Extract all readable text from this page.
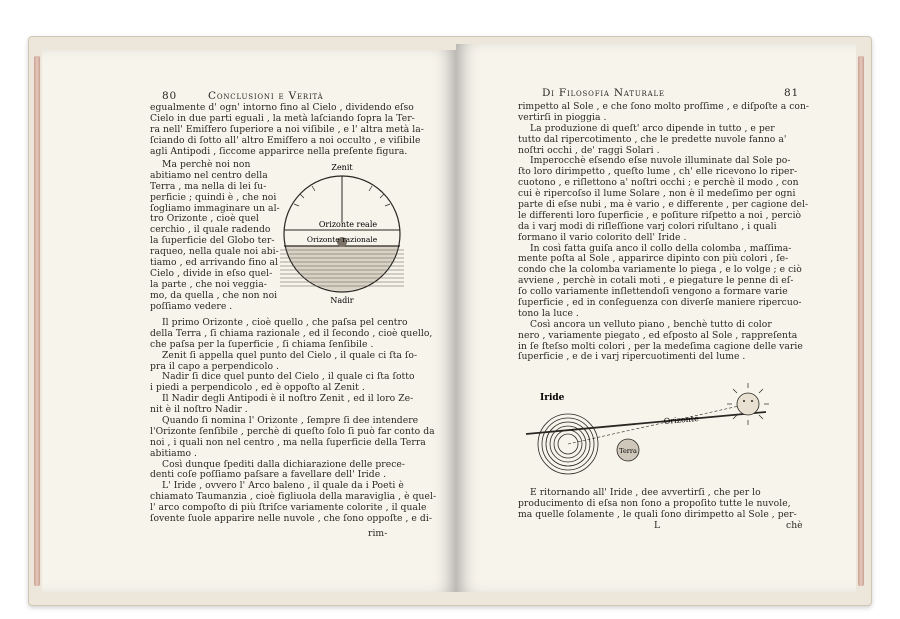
80	Conclusioni e Verità
egualmente d' ogn' intorno fino al Cielo , dividendo eſso
Cielo in due parti eguali , la metà laſciando ſopra la Ter-
ra nell' Emiſfero ſuperiore a noi viſibile , e l' altra metà la-
ſciando di ſotto all' altro Emiſfero a noi occulto , e viſibile
agli Antipodi , ſiccome apparirce nella preſente figura.
Ma perchè noi non
abitiamo nel centro della
Terra , ma nella di lei ſu-
perficie ; quindi è , che noi
ſogliamo immaginare un al-
tro Orizonte , cioè quel
cerchio , il quale radendo
la ſuperficie del Globo ter-
raqueo, nella quale noi abi-
tiamo , ed arrivando fino al
Cielo , divide in eſso quel-
la parte , che noi veggia-
mo, da quella , che non noi
poſſiamo vedere .
Zenit
Orizonte reale
Orizonte razionale
Nadir
Il primo Orizonte , cioè quello , che paſsa pel centro
della Terra , ſi chiama razionale , ed il ſecondo , cioè quello,
che paſsa per la ſuperficie , ſi chiama ſenſibile .
Zenit ſi appella quel punto del Cielo , il quale ci ſta ſo-
pra il capo a perpendicolo .
Nadir ſi dice quel punto del Cielo , il quale ci ſta ſotto
i piedi a perpendicolo , ed è oppoſto al Zenit .
Il Nadir degli Antipodi è il noſtro Zenit , ed il loro Ze-
nit è il noſtro Nadir .
Quando ſi nomina l' Orizonte , ſempre ſi dee intendere
l'Orizonte ſenſibile , perchè di queſto ſolo ſi può far conto da
noi , i quali non nel centro , ma nella ſuperficie della Terra
abitiamo .
Così dunque ſpediti dalla dichiarazione delle prece-
denti coſe poſſiamo paſsare a favellare dell' Iride .
L' Iride , ovvero l' Arco baleno , il quale da i Poeti è
chiamato Taumanzia , cioè figliuola della maraviglia , è quel-
l' arco compoſto di più ſtriſce variamente colorite , il quale
ſovente ſuole apparire nelle nuvole , che ſono oppoſte , e di-
rim-
Di Filosofia Naturale	81
rimpetto al Sole , e che ſono molto proſſime , e diſpoſte a con-
vertirſi in pioggia .
La produzione di queſt' arco dipende in tutto , e per
tutto dal ripercotimento , che le predette nuvole fanno a'
noſtri occhi , de' raggi Solari .
Imperocchè eſsendo eſse nuvole illuminate dal Sole po-
ſto loro dirimpetto , queſto lume , ch' elle ricevono lo riper-
cuotono , e riſlettono a' noſtri occhi ; e perchè il modo , con
cui è ripercoſso il lume Solare , non è il medeſimo per ogni
parte di eſse nubi , ma è vario , e differente , per cagione del-
le differenti loro ſuperficie , e poſiture riſpetto a noi , perciò
da i varj modi di riſleſſione varj colori riſultano , i quali
formano il vario colorito dell' Iride .
In così fatta guiſa anco il collo della colomba , maſſima-
mente poſta al Sole , apparirce dipinto con più colori , ſe-
condo che la colomba variamente lo piega , e lo volge ; e ciò
avviene , perchè in cotali moti , e piegature le penne di eſ-
ſo collo variamente inſlettendoſi vengono a formare varie
ſuperficie , ed in conſeguenza con diverſe maniere ripercuo-
tono la luce .
Così ancora un velluto piano , benchè tutto di color
nero , variamente piegato , ed eſposto al Sole , rappreſenta
in ſe ſteſso molti colori , per la medeſima cagione delle varie
ſuperficie , e de i varj ripercuotimenti del lume .
Iride
Orizonte
Terra
E ritornando all' Iride , dee avvertirſi , che per lo
producimento di eſsa non ſono a propoſito tutte le nuvole,
ma quelle ſolamente , le quali ſono dirimpetto al Sole , per-
L	chè
